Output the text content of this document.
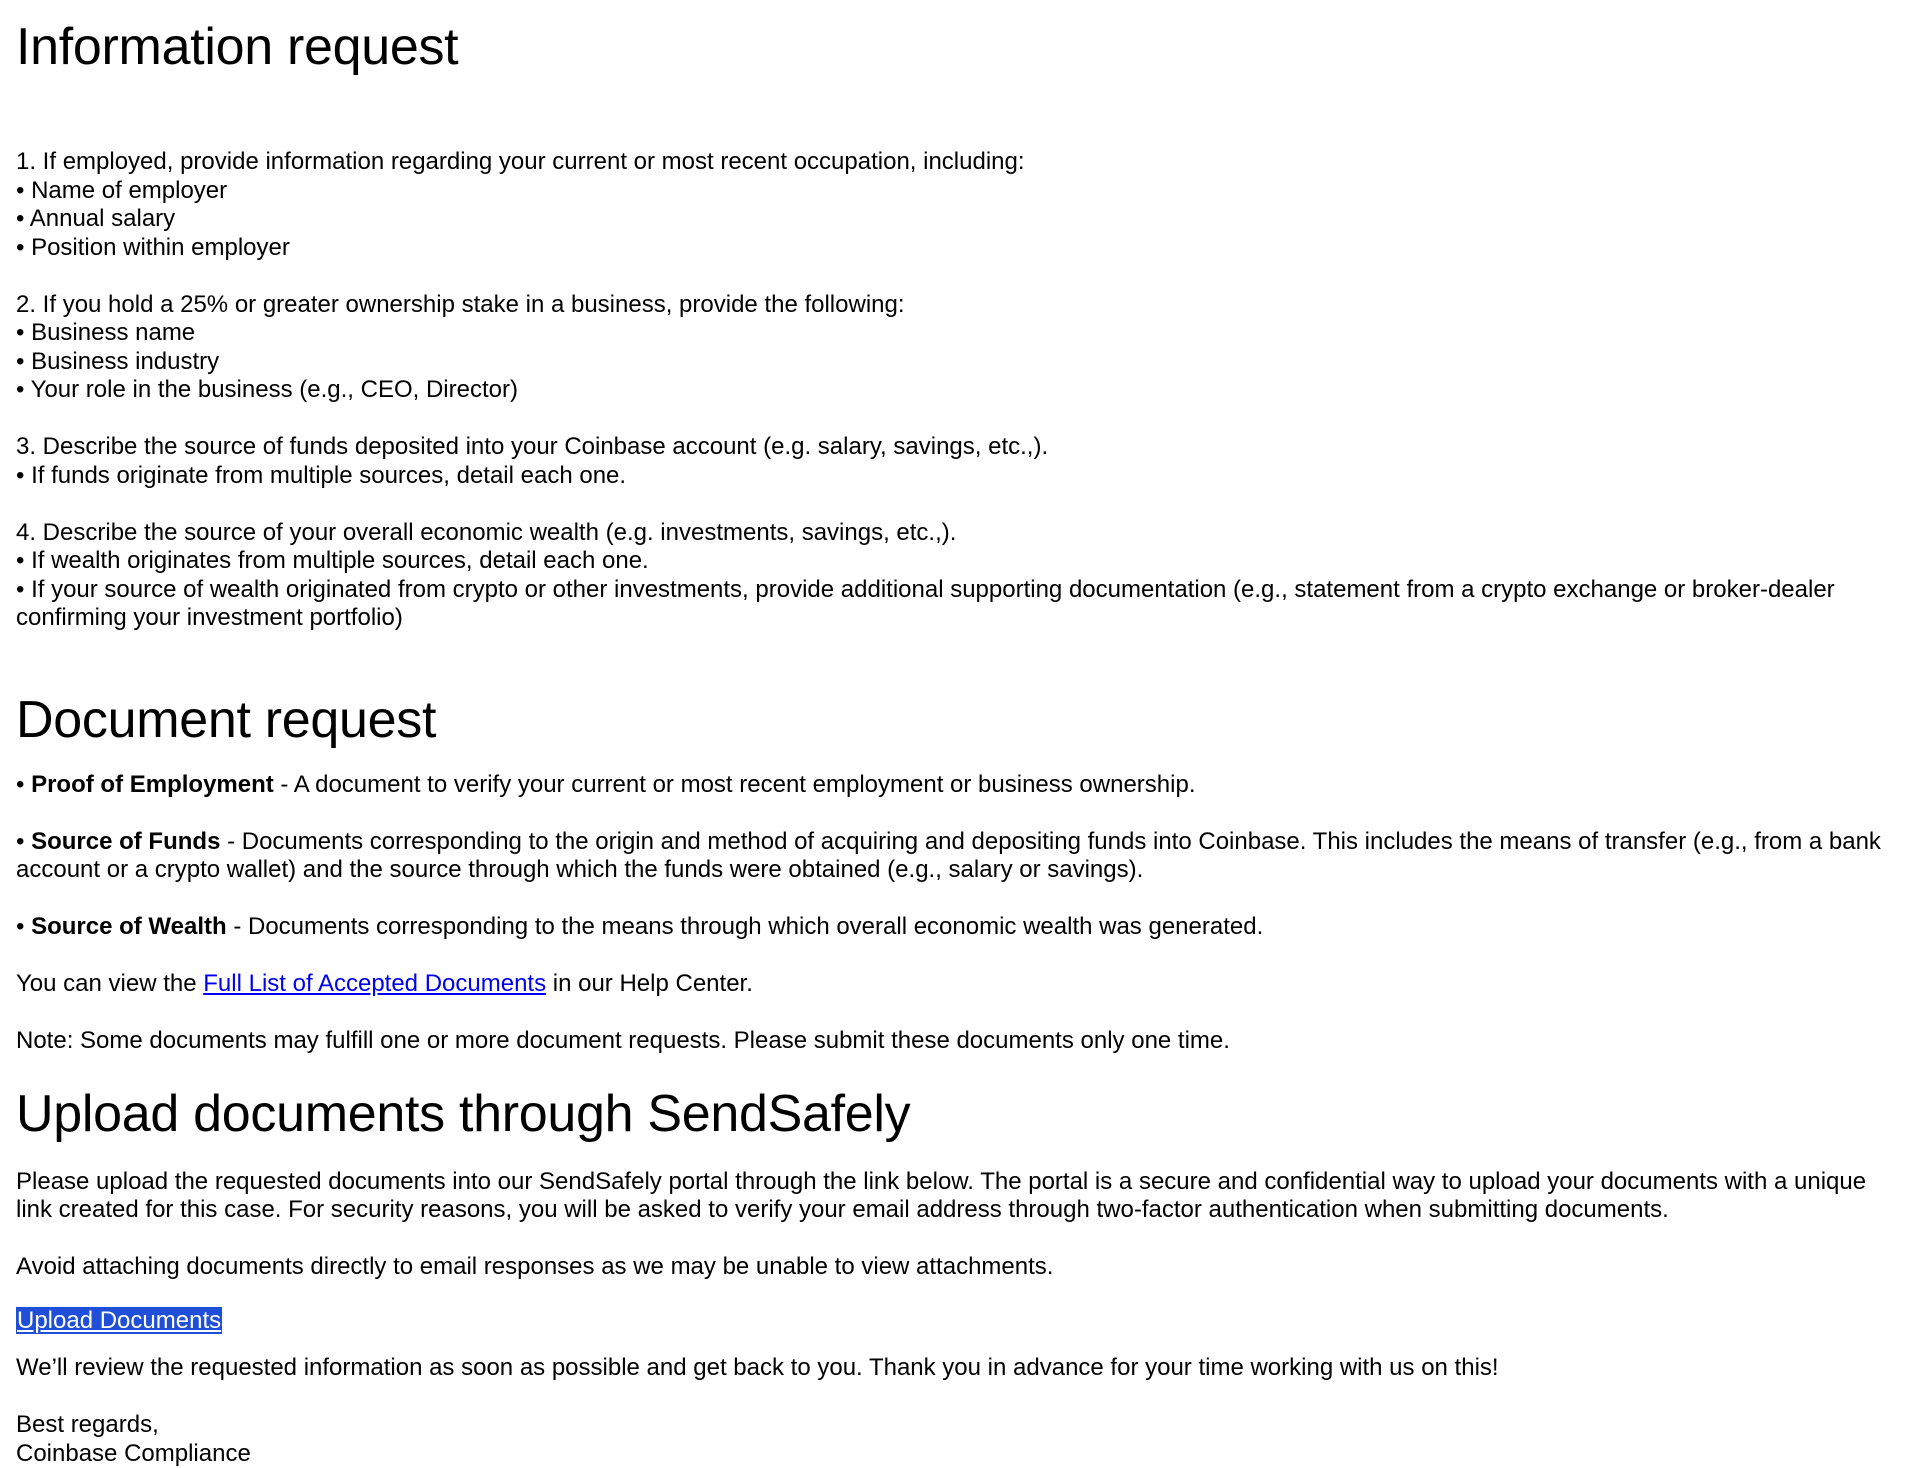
Information request
1. If employed, provide information regarding your current or most recent occupation, including:
• Name of employer
• Annual salary
• Position within employer
2. If you hold a 25% or greater ownership stake in a business, provide the following:
• Business name
• Business industry
• Your role in the business (e.g., CEO, Director)
3. Describe the source of funds deposited into your Coinbase account (e.g. salary, savings, etc.,).
• If funds originate from multiple sources, detail each one.
4. Describe the source of your overall economic wealth (e.g. investments, savings, etc.,).
• If wealth originates from multiple sources, detail each one.
• If your source of wealth originated from crypto or other investments, provide additional supporting documentation (e.g., statement from a crypto exchange or broker-dealer confirming your investment portfolio)
Document request
• Proof of Employment - A document to verify your current or most recent employment or business ownership.
• Source of Funds - Documents corresponding to the origin and method of acquiring and depositing funds into Coinbase. This includes the means of transfer (e.g., from a bank account or a crypto wallet) and the source through which the funds were obtained (e.g., salary or savings).
• Source of Wealth - Documents corresponding to the means through which overall economic wealth was generated.
You can view the Full List of Accepted Documents in our Help Center.
Note: Some documents may fulfill one or more document requests. Please submit these documents only one time.
Upload documents through SendSafely
Please upload the requested documents into our SendSafely portal through the link below. The portal is a secure and confidential way to upload your documents with a unique link created for this case. For security reasons, you will be asked to verify your email address through two-factor authentication when submitting documents.
Avoid attaching documents directly to email responses as we may be unable to view attachments.
Upload Documents
We’ll review the requested information as soon as possible and get back to you. Thank you in advance for your time working with us on this!
Best regards,
Coinbase Compliance
